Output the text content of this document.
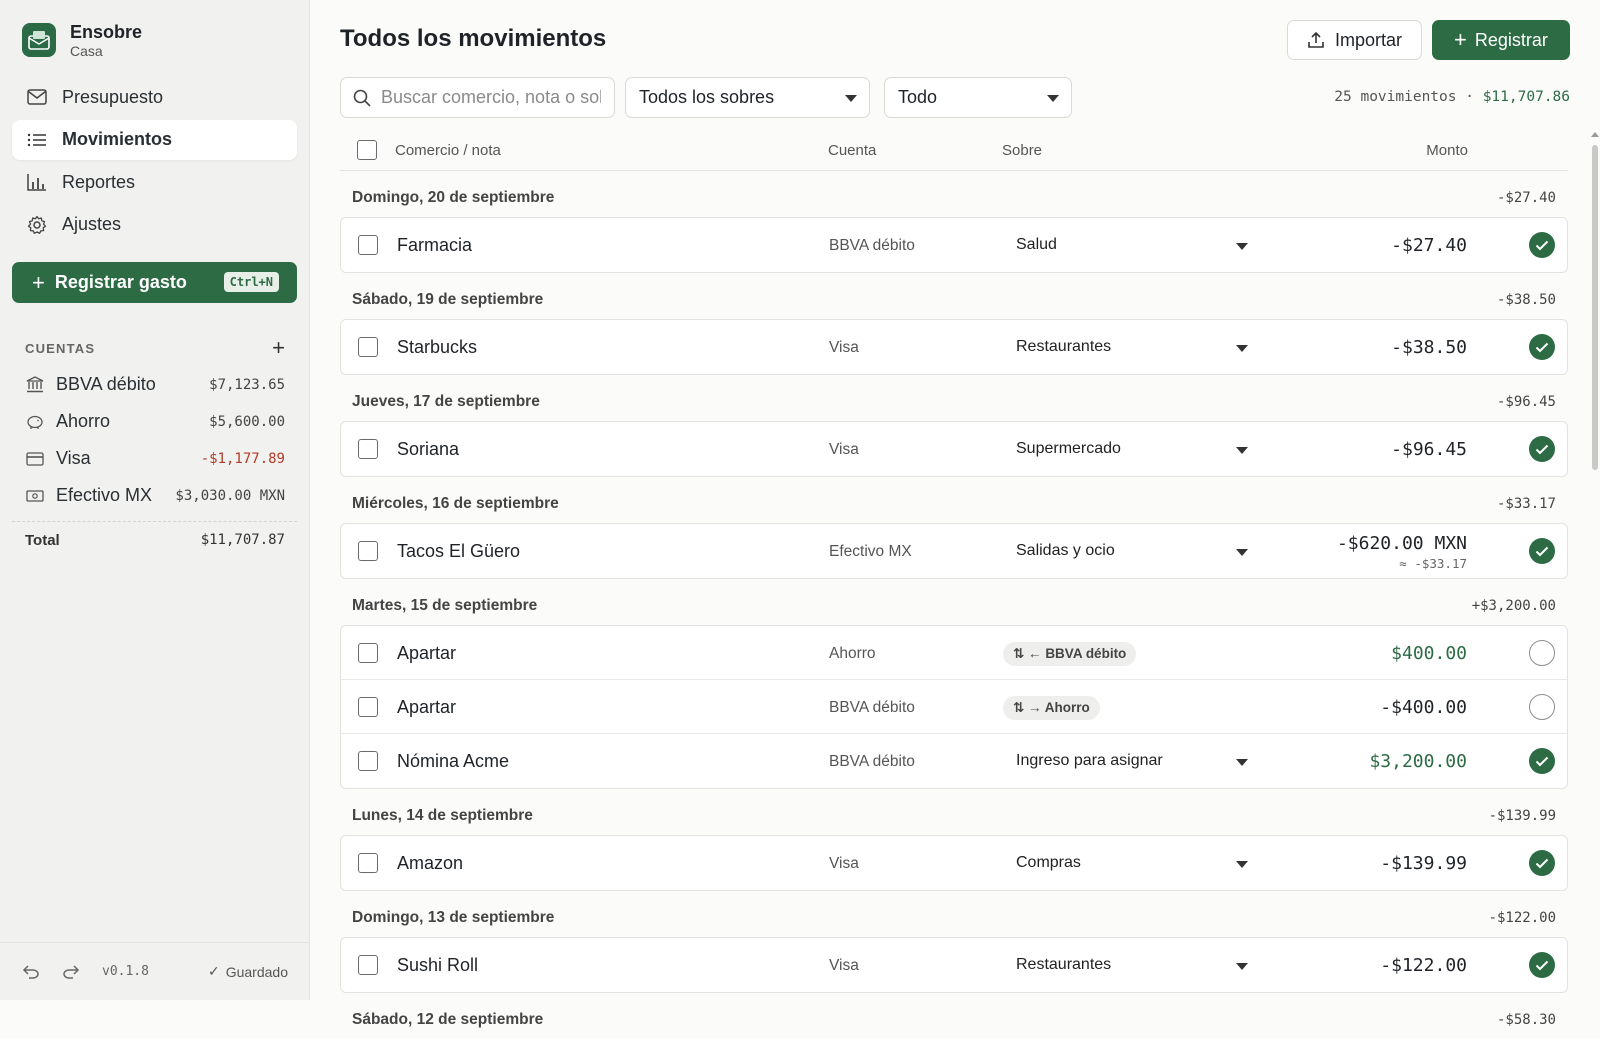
Ensobre
Casa
Presupuesto
Movimientos
Reportes
Ajustes
+ Registrar gasto	Ctrl+N
CUENTAS	+
BBVA débito	$7,123.65
Ahorro	$5,600.00
Visa	-$1,177.89
Efectivo MX	$3,030.00 MXN
Total	$11,707.87
v0.1.8	✓ Guardado
Todos los movimientos	Importar + Registrar
Buscar comercio, nota o sobre
Todos los sobres	Todo	25 movimientos · $11,707.86
Comercio / nota	Cuenta	Sobre	Monto
Domingo, 20 de septiembre	-$27.40
Farmacia	BBVA débito	Salud	-$27.40
Sábado, 19 de septiembre	-$38.50
Starbucks	Visa	Restaurantes	-$38.50
Jueves, 17 de septiembre	-$96.45
Soriana	Visa	Supermercado	-$96.45
Miércoles, 16 de septiembre	-$33.17
Tacos El Güero	Efectivo MX	Salidas y ocio	-$620.00 MXN
≈ -$33.17
Martes, 15 de septiembre	+$3,200.00
Apartar	Ahorro	⇅ ← BBVA débito	$400.00
Apartar	BBVA débito	⇅ → Ahorro	-$400.00
Nómina Acme	BBVA débito	Ingreso para asignar	$3,200.00
Lunes, 14 de septiembre	-$139.99
Amazon	Visa	Compras	-$139.99
Domingo, 13 de septiembre	-$122.00
Sushi Roll	Visa	Restaurantes	-$122.00
Sábado, 12 de septiembre	-$58.30
